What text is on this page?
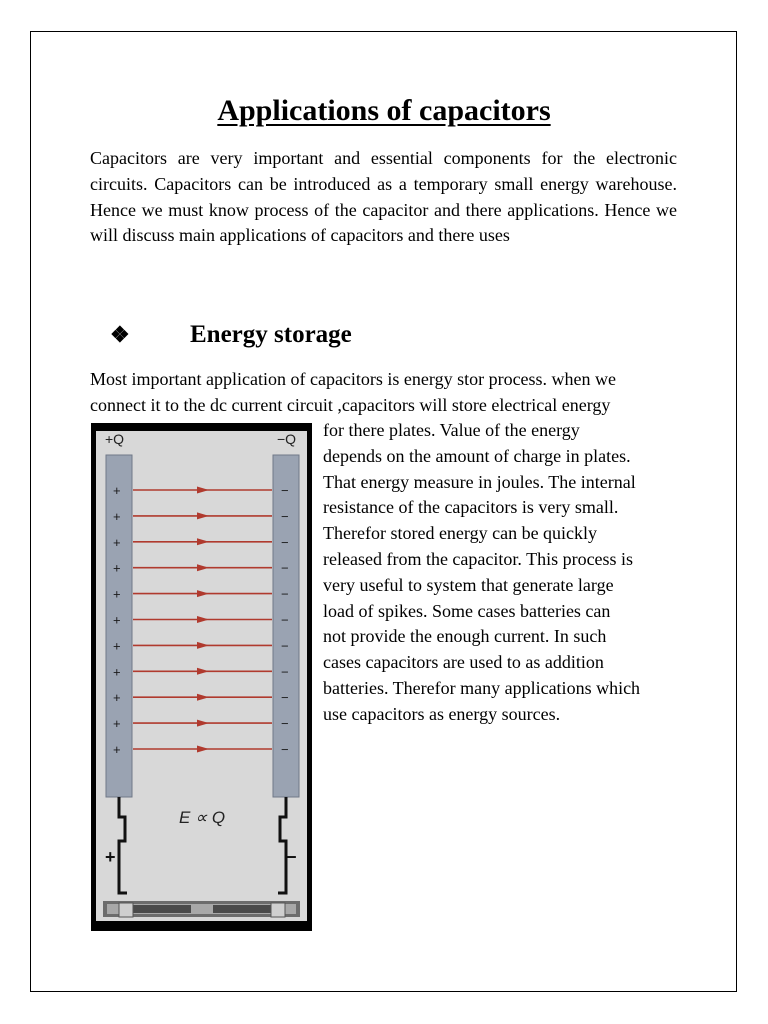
Applications of capacitors

Capacitors are very important and essential components for the electronic circuits. Capacitors can be introduced as a temporary small energy warehouse. Hence we must know process of the capacitor and there applications. Hence we will discuss main applications of capacitors and there uses

❖	Energy storage
Most important application of capacitors is energy stor process. when we
connect it to the dc current circuit ,capacitors will store electrical energy
+Q	−Q
+	−
+	−
+	−
+	−
+	−
+	−
+	−
+	−
+	−
+	−
+	−
E ∝ Q
+	−
for there plates. Value of the energy
depends on the amount of charge in plates.
That energy measure in joules. The internal
resistance of the capacitors is very small.
Therefor stored energy can be quickly
released from the capacitor. This process is
very useful to system that generate large
load of spikes. Some cases batteries can
not provide the enough current. In such
cases capacitors are used to as addition
batteries. Therefor many applications which
use capacitors as energy sources.
